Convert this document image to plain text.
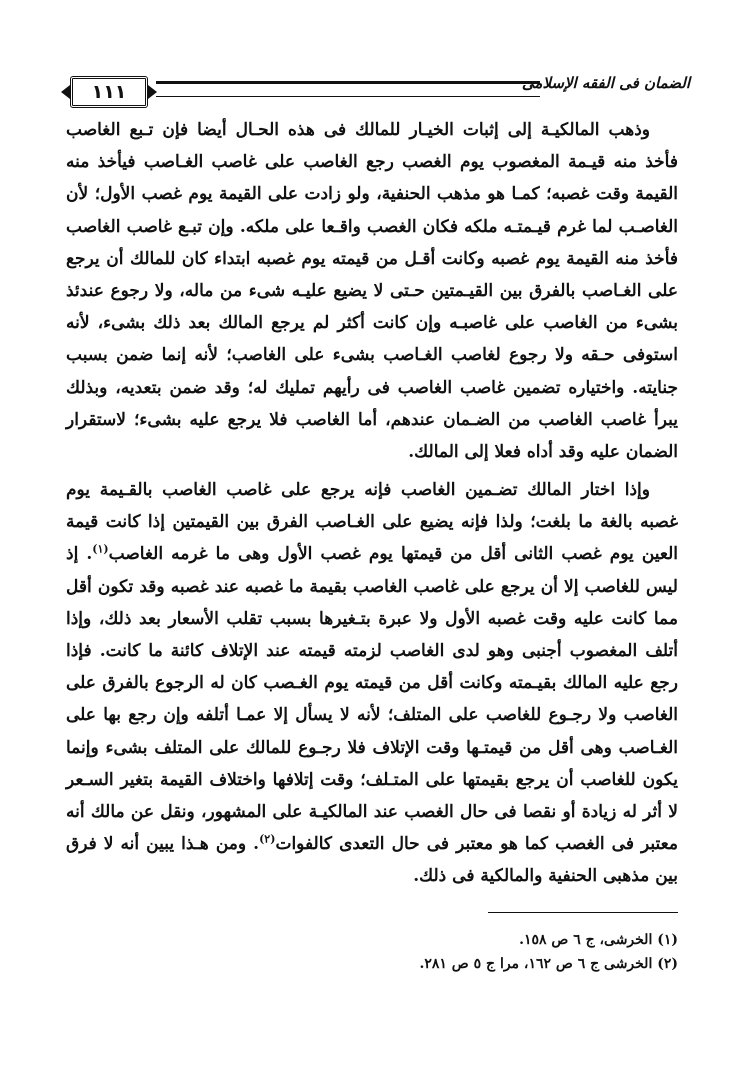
١١١	الضمان فى الفقه الإسلامى

وذهب المالكيـة إلى إثبات الخيـار للمالك فى هذه الحـال أيضا فإن تـبع الغاصب فأخذ منه قيـمة المغصوب يوم الغصب رجع الغاصب على غاصب الغـاصب فيأخذ منه القيمة وقت غصبه؛ كمـا هو مذهب الحنفية، ولو زادت على القيمة يوم غصب الأول؛ لأن الغاصـب لما غرم قيـمتـه ملكه فكان الغصب واقـعا على ملكه. وإن تبـع غاصب الغاصب فأخذ منه القيمة يوم غصبه وكانت أقـل من قيمته يوم غصبه ابتداء كان للمالك أن يرجع على الغـاصب بالفرق بين القيـمتين حـتى لا يضيع عليـه شىء من ماله، ولا رجوع عندئذ بشىء من الغاصب على غاصبـه وإن كانت أكثر لم يرجع المالك بعد ذلك بشىء، لأنه استوفى حـقه ولا رجوع لغاصب الغـاصب بشىء على الغاصب؛ لأنه إنما ضمن بسبب جنايته. واختياره تضمين غاصب الغاصب فى رأيهم تمليك له؛ وقد ضمن بتعديه، وبذلك يبرأ غاصب الغاصب من الضـمان عندهم، أما الغاصب فلا يرجع عليه بشىء؛ لاستقرار الضمان عليه وقد أداه فعلا إلى المالك.

وإذا اختار المالك تضـمين الغاصب فإنه يرجع على غاصب الغاصب بالقـيمة يوم غصبه بالغة ما بلغت؛ ولذا فإنه يضيع على الغـاصب الفرق بين القيمتين إذا كانت قيمة العين يوم غصب الثانى أقل من قيمتها يوم غصب الأول وهى ما غرمه الغاصب$^{(١)}$. إذ ليس للغاصب إلا أن يرجع على غاصب الغاصب بقيمة ما غصبه عند غصبه وقد تكون أقل مما كانت عليه وقت غصبه الأول ولا عبرة بتـغيرها بسبب تقلب الأسعار بعد ذلك، وإذا أتلف المغصوب أجنبى وهو لدى الغاصب لزمته قيمته عند الإتلاف كائنة ما كانت. فإذا رجع عليه المالك بقيـمته وكانت أقل من قيمته يوم الغـصب كان له الرجوع بالفرق على الغاصب ولا رجـوع للغاصب على المتلف؛ لأنه لا يسأل إلا عمـا أتلفه وإن رجع بها على الغـاصب وهى أقل من قيمتـها وقت الإتلاف فلا رجـوع للمالك على المتلف بشىء وإنما يكون للغاصب أن يرجع بقيمتها على المتـلف؛ وقت إتلافها واختلاف القيمة بتغير السـعر لا أثر له زيادة أو نقصا فى حال الغصب عند المالكيـة على المشهور، ونقل عن مالك أنه معتبر فى الغصب كما هو معتبر فى حال التعدى كالفوات$^{(٢)}$. ومن هـذا يبين أنه لا فرق بين مذهبى الحنفية والمالكية فى ذلك.

(١) الخرشى، ج ٦ ص ١٥٨.
(٢) الخرشى ج ٦ ص ١٦٢، مرا ج ٥ ص ٢٨١.
